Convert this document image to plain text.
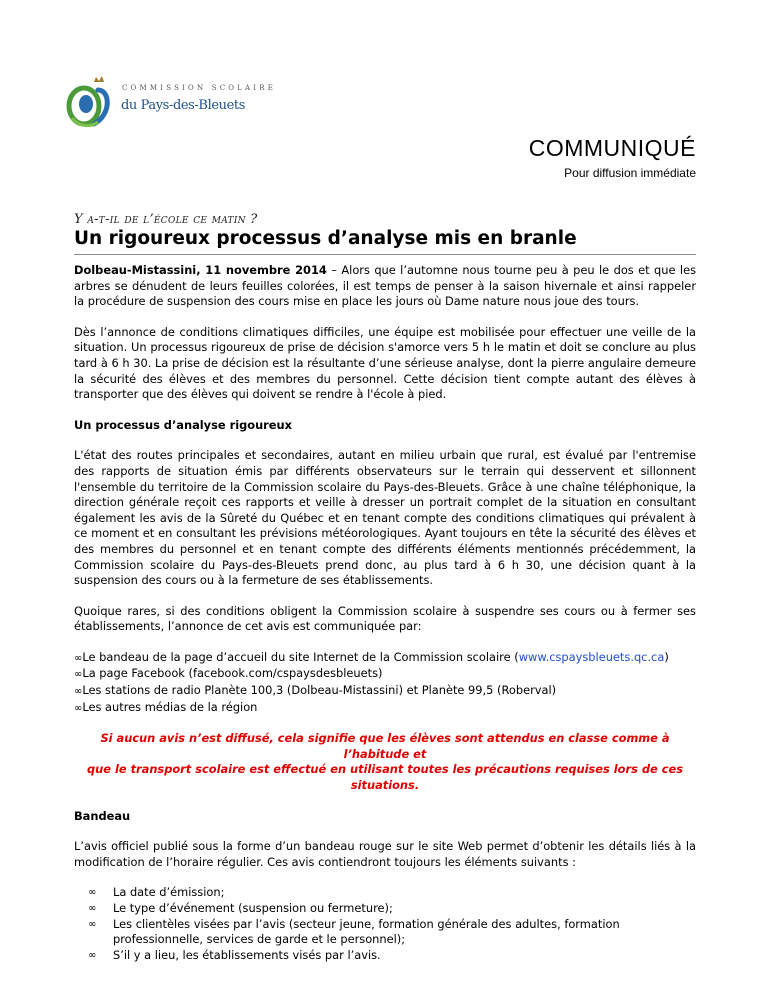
COMMISSION SCOLAIRE
du Pays-des-Bleuets
COMMUNIQUÉ
Pour diffusion immédiate
Y a-t-il de l’école ce matin ?
Un rigoureux processus d’analyse mis en branle

Dolbeau-Mistassini, 11 novembre 2014 – Alors que l’automne nous tourne peu à peu le dos et que les arbres se dénudent de leurs feuilles colorées, il est temps de penser à la saison hivernale et ainsi rappeler la procédure de suspension des cours mise en place les jours où Dame nature nous joue des tours.

Dès l’annonce de conditions climatiques difficiles, une équipe est mobilisée pour effectuer une veille de la situation. Un processus rigoureux de prise de décision s'amorce vers 5 h le matin et doit se conclure au plus tard à 6 h 30. La prise de décision est la résultante d’une sérieuse analyse, dont la pierre angulaire demeure la sécurité des élèves et des membres du personnel. Cette décision tient compte autant des élèves à transporter que des élèves qui doivent se rendre à l'école à pied.

Un processus d’analyse rigoureux

L'état des routes principales et secondaires, autant en milieu urbain que rural, est évalué par l'entremise des rapports de situation émis par différents observateurs sur le terrain qui desservent et sillonnent l'ensemble du territoire de la Commission scolaire du Pays-des-Bleuets. Grâce à une chaîne téléphonique, la direction générale reçoit ces rapports et veille à dresser un portrait complet de la situation en consultant également les avis de la Sûreté du Québec et en tenant compte des conditions climatiques qui prévalent à ce moment et en consultant les prévisions météorologiques. Ayant toujours en tête la sécurité des élèves et des membres du personnel et en tenant compte des différents éléments mentionnés précédemment, la Commission scolaire du Pays-des-Bleuets prend donc, au plus tard à 6 h 30, une décision quant à la suspension des cours ou à la fermeture de ses établissements.

Quoique rares, si des conditions obligent la Commission scolaire à suspendre ses cours ou à fermer ses établissements, l’annonce de cet avis est communiquée par:

∞Le bandeau de la page d’accueil du site Internet de la Commission scolaire (www.cspaysbleuets.qc.ca)
∞La page Facebook (facebook.com/cspaysdesbleuets)
∞Les stations de radio Planète 100,3 (Dolbeau-Mistassini) et Planète 99,5 (Roberval)
∞Les autres médias de la région
Si aucun avis n’est diffusé, cela signifie que les élèves sont attendus en classe comme à l’habitude et
que le transport scolaire est effectué en utilisant toutes les précautions requises lors de ces situations.
Bandeau

L’avis officiel publié sous la forme d’un bandeau rouge sur le site Web permet d’obtenir les détails liés à la modification de l’horaire régulier. Ces avis contiendront toujours les éléments suivants :

∞ La date d’émission;
∞ Le type d’événement (suspension ou fermeture);
∞ Les clientèles visées par l’avis (secteur jeune, formation générale des adultes, formation professionnelle, services de garde et le personnel);
∞ S’il y a lieu, les établissements visés par l’avis.
